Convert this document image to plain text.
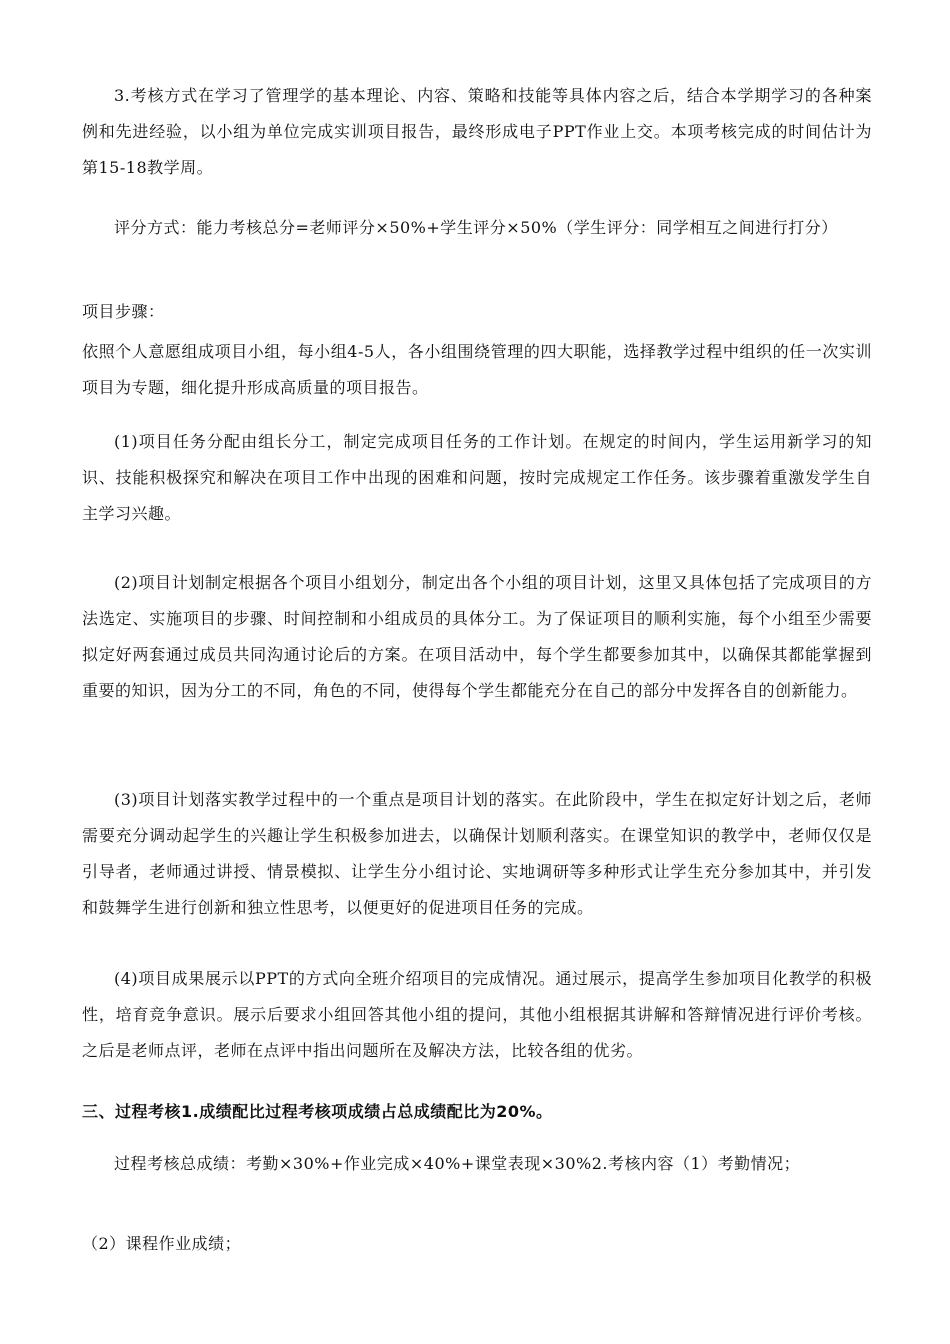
3.考核方式在学习了管理学的基本理论、内容、策略和技能等具体内容之后，结合本学期学习的各种案例和先进经验，以小组为单位完成实训项目报告，最终形成电子PPT作业上交。本项考核完成的时间估计为第15-18教学周。

评分方式：能力考核总分=老师评分×50%+学生评分×50%（学生评分：同学相互之间进行打分）

项目步骤：

依照个人意愿组成项目小组，每小组4-5人，各小组围绕管理的四大职能，选择教学过程中组织的任一次实训项目为专题，细化提升形成高质量的项目报告。

(1)项目任务分配由组长分工，制定完成项目任务的工作计划。在规定的时间内，学生运用新学习的知识、技能积极探究和解决在项目工作中出现的困难和问题，按时完成规定工作任务。该步骤着重激发学生自主学习兴趣。

(2)项目计划制定根据各个项目小组划分，制定出各个小组的项目计划，这里又具体包括了完成项目的方法选定、实施项目的步骤、时间控制和小组成员的具体分工。为了保证项目的顺利实施，每个小组至少需要拟定好两套通过成员共同沟通讨论后的方案。在项目活动中，每个学生都要参加其中，以确保其都能掌握到重要的知识，因为分工的不同，角色的不同，使得每个学生都能充分在自己的部分中发挥各自的创新能力。

(3)项目计划落实教学过程中的一个重点是项目计划的落实。在此阶段中，学生在拟定好计划之后，老师需要充分调动起学生的兴趣让学生积极参加进去，以确保计划顺利落实。在课堂知识的教学中，老师仅仅是引导者，老师通过讲授、情景模拟、让学生分小组讨论、实地调研等多种形式让学生充分参加其中，并引发和鼓舞学生进行创新和独立性思考，以便更好的促进项目任务的完成。

(4)项目成果展示以PPT的方式向全班介绍项目的完成情况。通过展示，提高学生参加项目化教学的积极性，培育竞争意识。展示后要求小组回答其他小组的提问，其他小组根据其讲解和答辩情况进行评价考核。之后是老师点评，老师在点评中指出问题所在及解决方法，比较各组的优劣。

三、过程考核1.成绩配比过程考核项成绩占总成绩配比为20%。

过程考核总成绩：考勤×30%+作业完成×40%+课堂表现×30%2.考核内容（1）考勤情况；

（2）课程作业成绩；
